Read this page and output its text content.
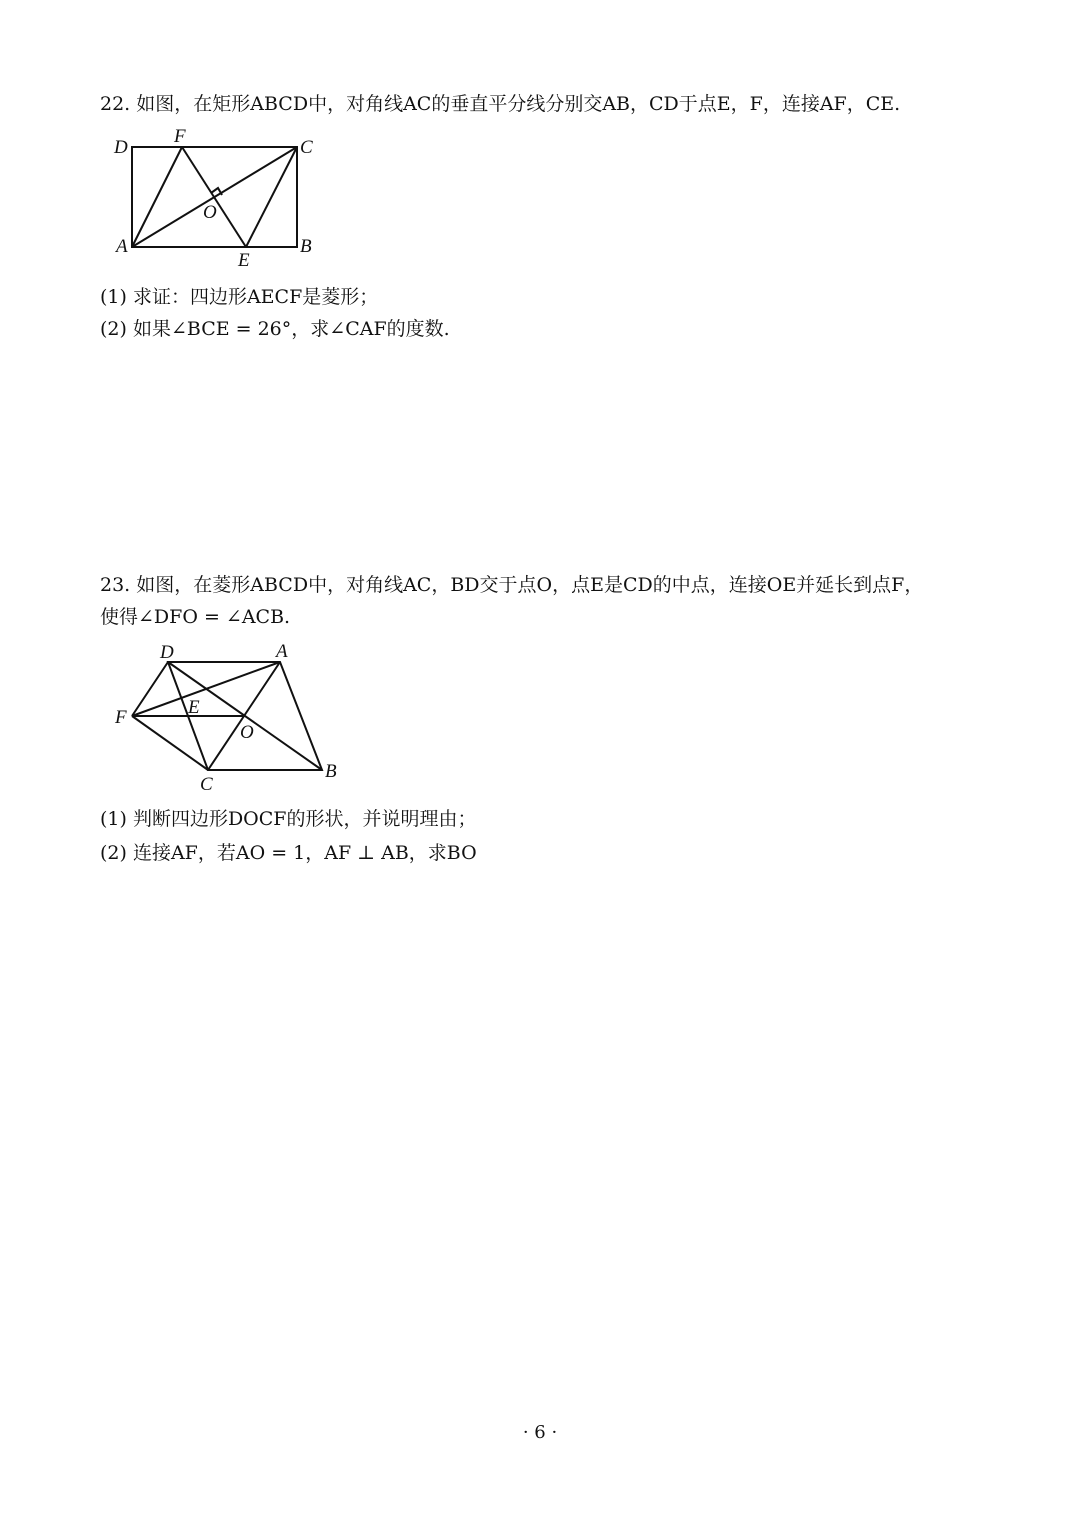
22. 如图，在矩形ABCD中，对角线AC的垂直平分线分别交AB，CD于点E，F，连接AF，CE.
D
F
C
O
A
E
B
(1) 求证：四边形AECF是菱形；
(2) 如果∠BCE = 26°，求∠CAF的度数.
23. 如图，在菱形ABCD中，对角线AC，BD交于点O，点E是CD的中点，连接OE并延长到点F，
使得∠DFO = ∠ACB.
D	A
F	E
O
C
B
(1) 判断四边形DOCF的形状，并说明理由；
(2) 连接AF，若AO = 1，AF ⊥ AB，求BO
· 6 ·
